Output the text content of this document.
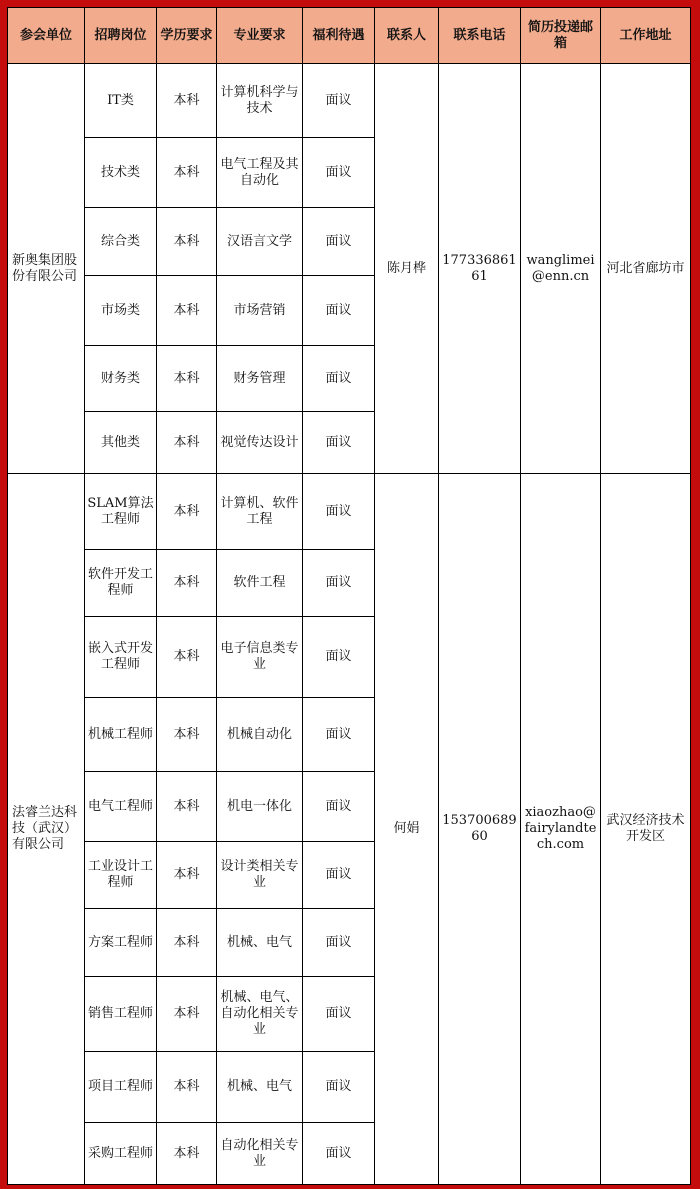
参会单位	招聘岗位	学历要求	专业要求	福利待遇	联系人	联系电话	简历投递邮箱	工作地址
新奥集团股份有限公司	IT类	本科	计算机科学与技术	面议	陈月桦	17733686161	wanglimei@enn.cn	河北省廊坊市
	技术类	本科	电气工程及其自动化	面议				
	综合类	本科	汉语言文学	面议				
	市场类	本科	市场营销	面议				
	财务类	本科	财务管理	面议				
	其他类	本科	视觉传达设计	面议				
法睿兰达科技（武汉）有限公司	SLAM算法工程师	本科	计算机、软件工程	面议	何娟	15370068960	xiaozhao@fairylandtech.com	武汉经济技术开发区
	软件开发工程师	本科	软件工程	面议				
	嵌入式开发工程师	本科	电子信息类专业	面议				
	机械工程师	本科	机械自动化	面议				
	电气工程师	本科	机电一体化	面议				
	工业设计工程师	本科	设计类相关专业	面议				
	方案工程师	本科	机械、电气	面议				
	销售工程师	本科	机械、电气、自动化相关专业	面议				
	项目工程师	本科	机械、电气	面议				
	采购工程师	本科	自动化相关专业	面议				
